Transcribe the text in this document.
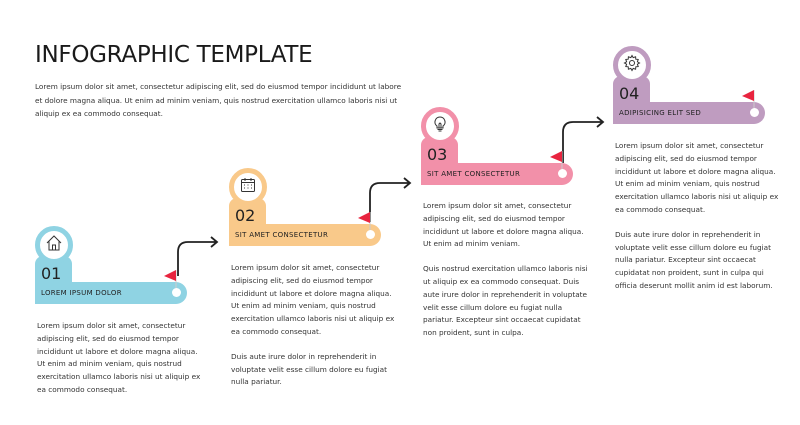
INFOGRAPHIC TEMPLATE
Lorem ipsum dolor sit amet, consectetur adipiscing elit, sed do eiusmod tempor incididunt ut labore et dolore magna aliqua. Ut enim ad minim veniam, quis nostrud exercitation ullamco laboris nisi ut aliquip ex ea commodo consequat.
01
LOREM IPSUM DOLOR

Lorem ipsum dolor sit amet, consectetur adipiscing elit, sed do eiusmod tempor incididunt ut labore et dolore magna aliqua. Ut enim ad minim veniam, quis nostrud exercitation ullamco laboris nisi ut aliquip ex ea commodo consequat.

02
SIT AMET CONSECTETUR

Lorem ipsum dolor sit amet, consectetur adipiscing elit, sed do eiusmod tempor incididunt ut labore et dolore magna aliqua. Ut enim ad minim veniam, quis nostrud exercitation ullamco laboris nisi ut aliquip ex ea commodo consequat.

Duis aute irure dolor in reprehenderit in voluptate velit esse cillum dolore eu fugiat nulla pariatur.

03
SIT AMET CONSECTETUR

Lorem ipsum dolor sit amet, consectetur adipiscing elit, sed do eiusmod tempor incididunt ut labore et dolore magna aliqua. Ut enim ad minim veniam.

Quis nostrud exercitation ullamco laboris nisi ut aliquip ex ea commodo consequat. Duis aute irure dolor in reprehenderit in voluptate velit esse cillum dolore eu fugiat nulla pariatur. Excepteur sint occaecat cupidatat non proident, sunt in culpa.

04
ADIPISICING ELIT SED

Lorem ipsum dolor sit amet, consectetur adipiscing elit, sed do eiusmod tempor incididunt ut labore et dolore magna aliqua. Ut enim ad minim veniam, quis nostrud exercitation ullamco laboris nisi ut aliquip ex ea commodo consequat.

Duis aute irure dolor in reprehenderit in voluptate velit esse cillum dolore eu fugiat nulla pariatur. Excepteur sint occaecat cupidatat non proident, sunt in culpa qui officia deserunt mollit anim id est laborum.
